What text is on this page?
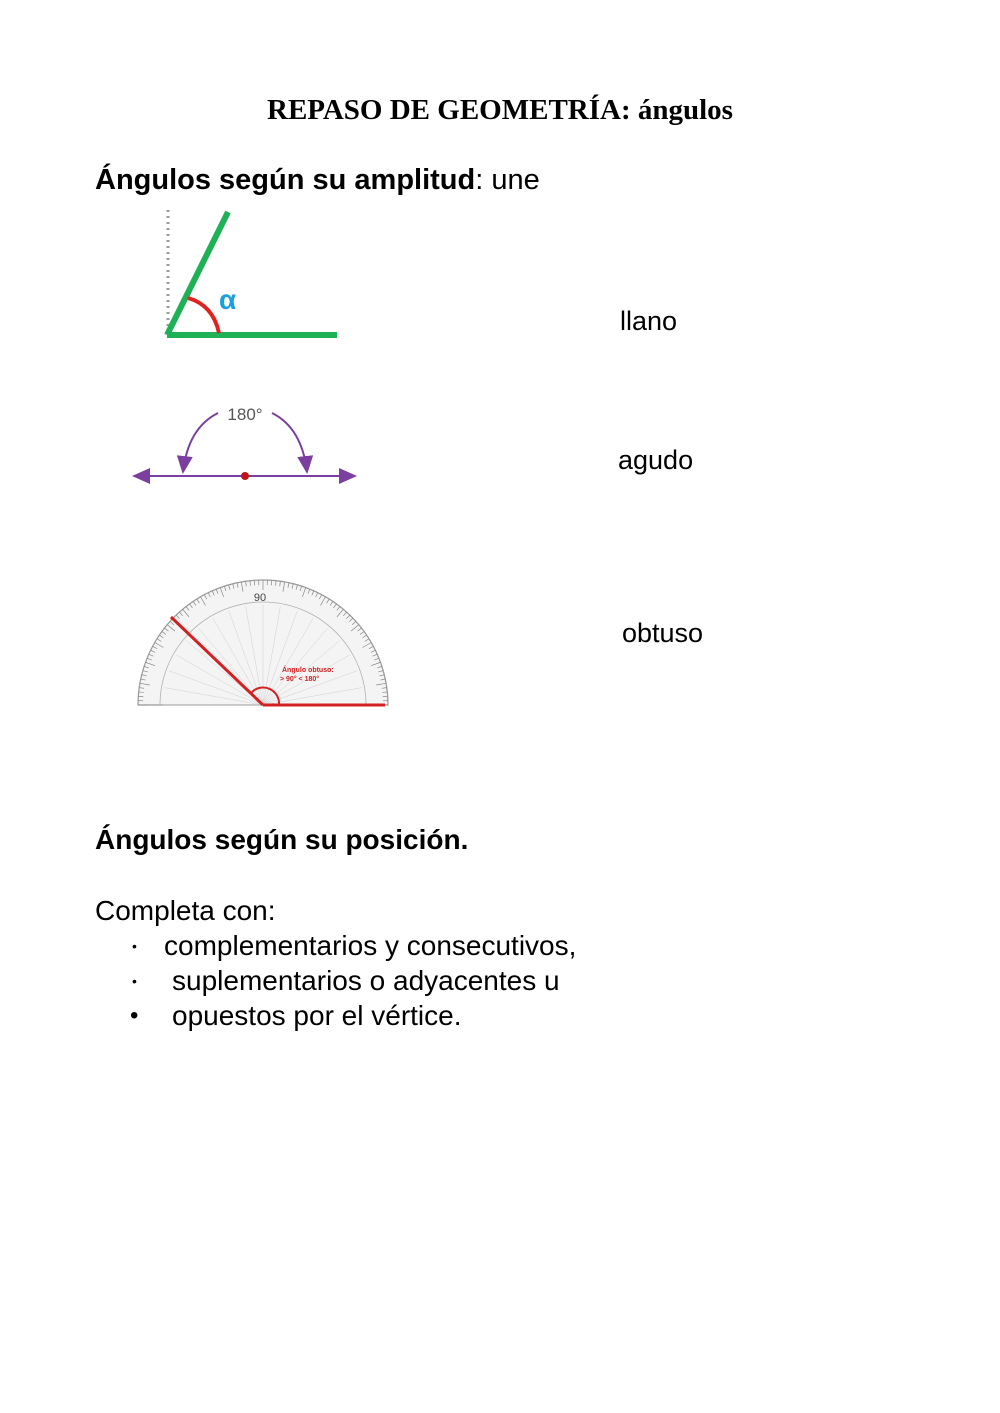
REPASO DE GEOMETRÍA: ángulos
Ángulos según su amplitud: une
α
180°
90
Ángulo obtuso:
> 90° < 180°
llano
agudo
obtuso
Ángulos según su posición.
Completa con:
• complementarios y consecutivos,
• suplementarios o adyacentes u
• opuestos por el vértice.
